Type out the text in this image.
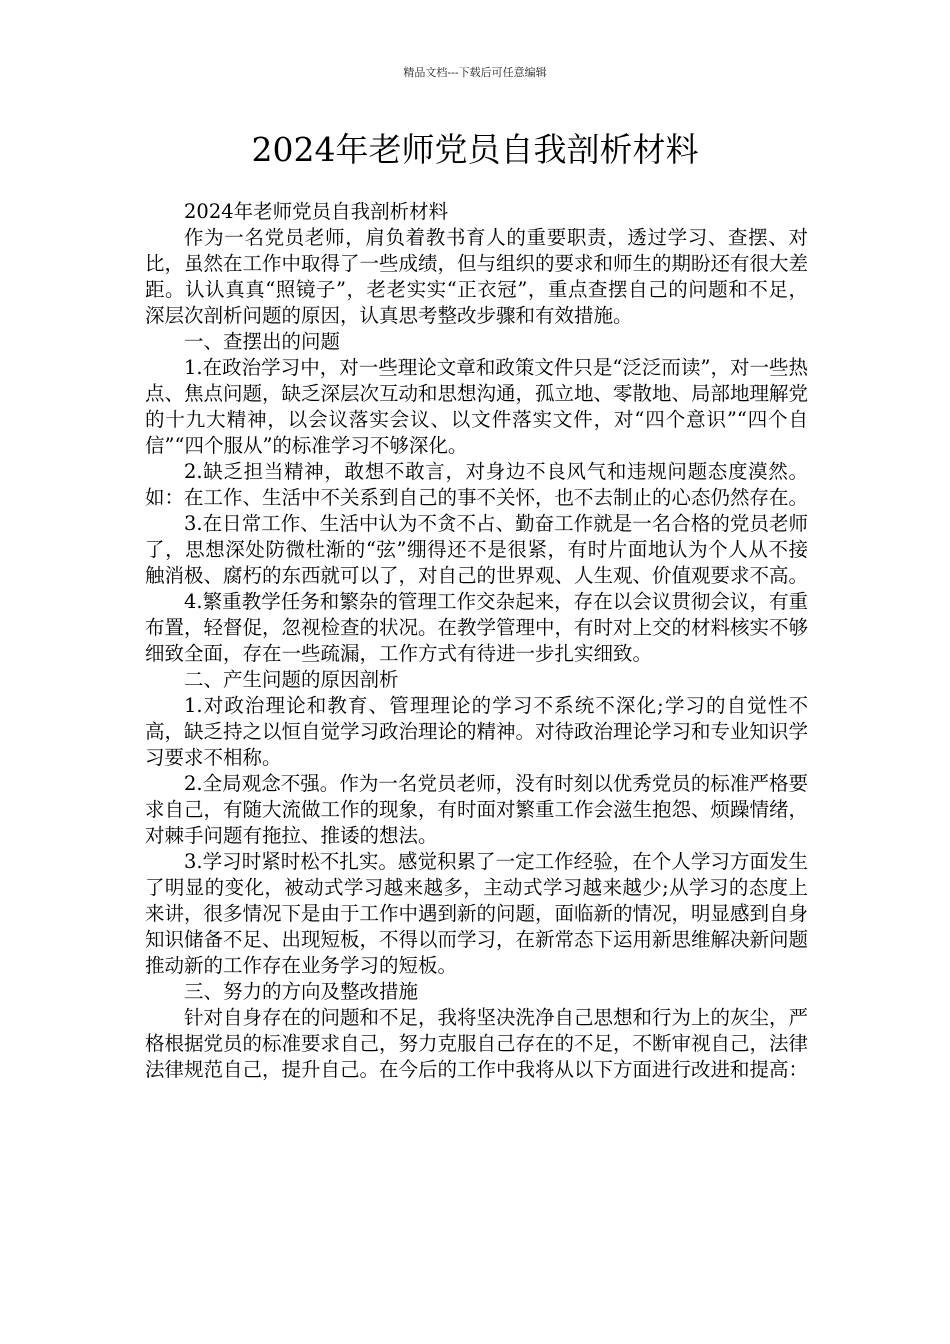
精品文档---下载后可任意编辑
2024年老师党员自我剖析材料

2024年老师党员自我剖析材料

作为一名党员老师，肩负着教书育人的重要职责，透过学习、查摆、对比，虽然在工作中取得了一些成绩，但与组织的要求和师生的期盼还有很大差距。认认真真“照镜子”，老老实实“正衣冠”，重点查摆自己的问题和不足，深层次剖析问题的原因，认真思考整改步骤和有效措施。

一、查摆出的问题

1.在政治学习中，对一些理论文章和政策文件只是“泛泛而读”，对一些热点、焦点问题，缺乏深层次互动和思想沟通，孤立地、零散地、局部地理解党的十九大精神，以会议落实会议、以文件落实文件，对“四个意识”“四个自信”“四个服从”的标准学习不够深化。

2.缺乏担当精神，敢想不敢言，对身边不良风气和违规问题态度漠然。如：在工作、生活中不关系到自己的事不关怀，也不去制止的心态仍然存在。

3.在日常工作、生活中认为不贪不占、勤奋工作就是一名合格的党员老师了，思想深处防微杜渐的“弦”绷得还不是很紧，有时片面地认为个人从不接触消极、腐朽的东西就可以了，对自己的世界观、人生观、价值观要求不高。

4.繁重教学任务和繁杂的管理工作交杂起来，存在以会议贯彻会议，有重布置，轻督促，忽视检查的状况。在教学管理中，有时对上交的材料核实不够细致全面，存在一些疏漏，工作方式有待进一步扎实细致。

二、产生问题的原因剖析

1.对政治理论和教育、管理理论的学习不系统不深化;学习的自觉性不高，缺乏持之以恒自觉学习政治理论的精神。对待政治理论学习和专业知识学习要求不相称。

2.全局观念不强。作为一名党员老师，没有时刻以优秀党员的标准严格要求自己，有随大流做工作的现象，有时面对繁重工作会滋生抱怨、烦躁情绪，对棘手问题有拖拉、推诿的想法。

3.学习时紧时松不扎实。感觉积累了一定工作经验，在个人学习方面发生了明显的变化，被动式学习越来越多，主动式学习越来越少;从学习的态度上来讲，很多情况下是由于工作中遇到新的问题，面临新的情况，明显感到自身知识储备不足、出现短板，不得以而学习，在新常态下运用新思维解决新问题推动新的工作存在业务学习的短板。

三、努力的方向及整改措施

针对自身存在的问题和不足，我将坚决洗净自己思想和行为上的灰尘，严格根据党员的标准要求自己，努力克服自己存在的不足，不断审视自己，法律法律规范自己，提升自己。在今后的工作中我将从以下方面进行改进和提高：
